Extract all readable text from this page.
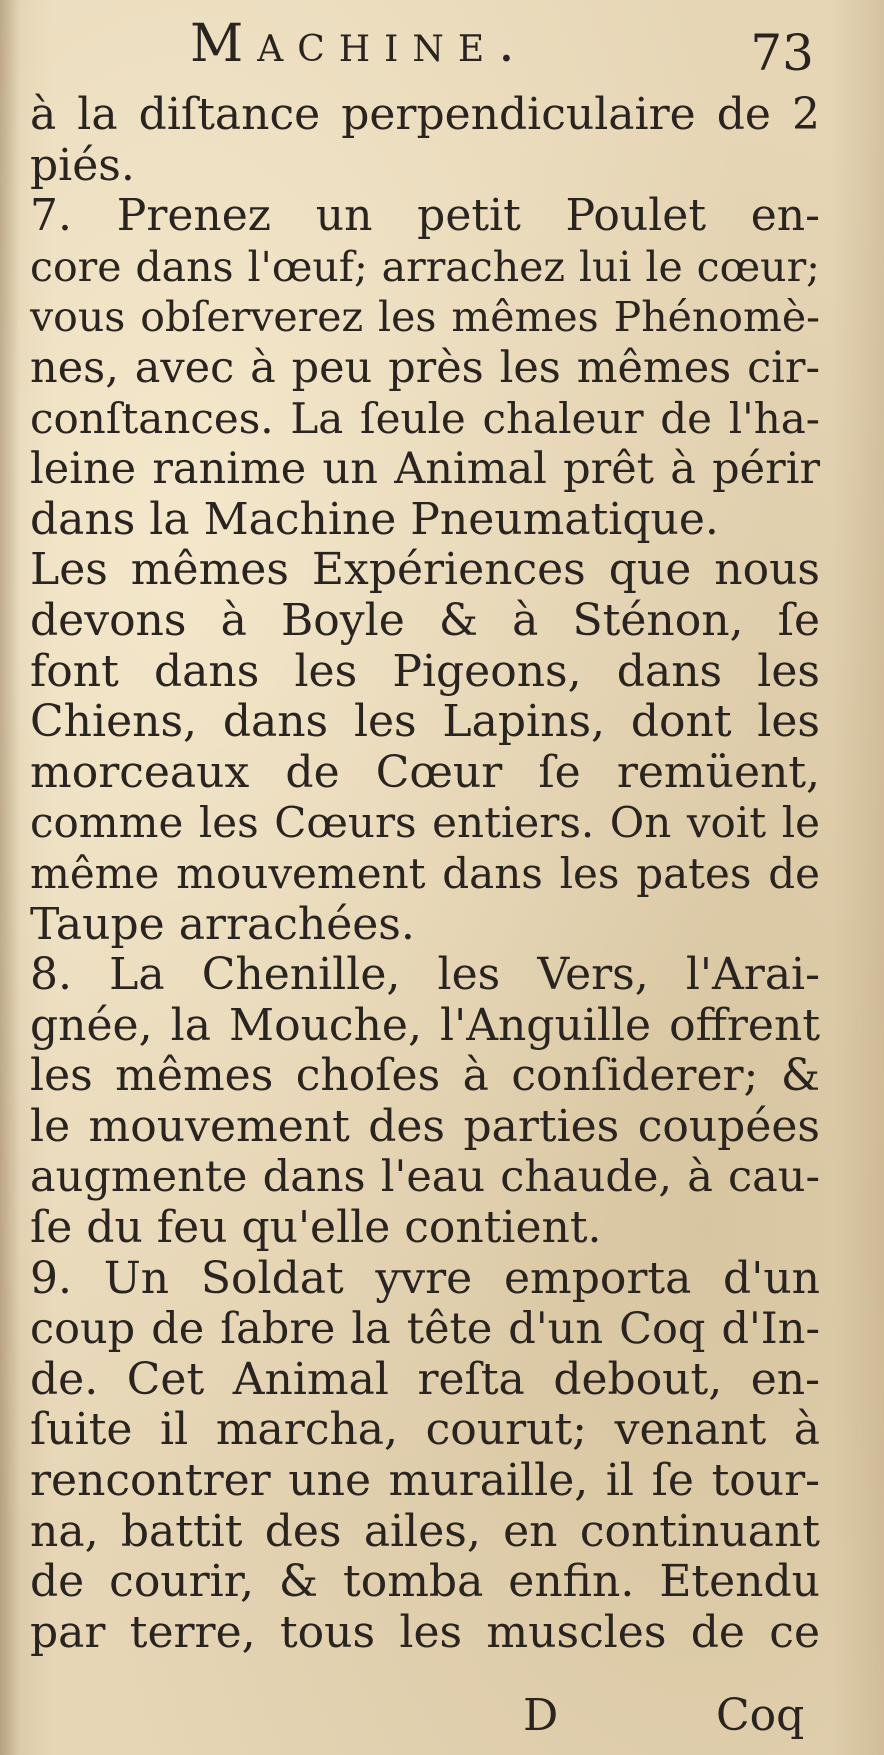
Machine.	73
à la diſtance perpendiculaire de 2
piés.
7. Prenez un petit Poulet en-
core dans l'œuf; arrachez lui le cœur;
vous obſerverez les mêmes Phénomè-
nes, avec à peu près les mêmes cir-
conſtances. La ſeule chaleur de l'ha-
leine ranime un Animal prêt à périr
dans la Machine Pneumatique.
Les mêmes Expériences que nous
devons à Boyle & à Sténon, ſe
font dans les Pigeons, dans les
Chiens, dans les Lapins, dont les
morceaux de Cœur ſe remüent,
comme les Cœurs entiers. On voit le
même mouvement dans les pates de
Taupe arrachées.
8. La Chenille, les Vers, l'Arai-
gnée, la Mouche, l'Anguille offrent
les mêmes choſes à conſiderer; &
le mouvement des parties coupées
augmente dans l'eau chaude, à cau-
ſe du feu qu'elle contient.
9. Un Soldat yvre emporta d'un
coup de ſabre la tête d'un Coq d'In-
de. Cet Animal reſta debout, en-
ſuite il marcha, courut; venant à
rencontrer une muraille, il ſe tour-
na, battit des ailes, en continuant
de courir, & tomba enfin. Etendu
par terre, tous les muscles de ce
D	Coq
